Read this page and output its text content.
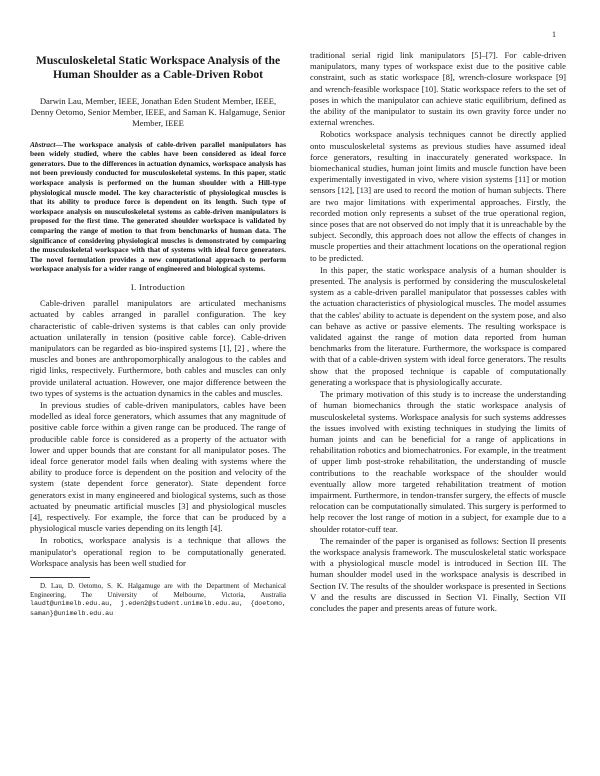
1
Musculoskeletal Static Workspace Analysis of the Human Shoulder as a Cable-Driven Robot
Darwin Lau, Member, IEEE, Jonathan Eden Student Member, IEEE, Denny Oetomo, Senior Member, IEEE, and Saman K. Halgamuge, Senior Member, IEEE
Abstract—The workspace analysis of cable-driven parallel manipulators has been widely studied, where the cables have been considered as ideal force generators. Due to the differences in actuation dynamics, workspace analysis has not been previously conducted for musculoskeletal systems. In this paper, static workspace analysis is performed on the human shoulder with a Hill-type physiological muscle model. The key characteristic of physiological muscles is that its ability to produce force is dependent on its length. Such type of workspace analysis on musculoskeletal systems as cable-driven manipulators is proposed for the first time. The generated shoulder workspace is validated by comparing the range of motion to that from benchmarks of human data. The significance of considering physiological muscles is demonstrated by comparing the musculoskeletal workspace with that of systems with ideal force generators. The novel formulation provides a new computational approach to perform workspace analysis for a wider range of engineered and biological systems.
I. Introduction

Cable-driven parallel manipulators are articulated mechanisms actuated by cables arranged in parallel configuration. The key characteristic of cable-driven systems is that cables can only provide actuation unilaterally in tension (positive cable force). Cable-driven manipulators can be regarded as bio-inspired systems [1], [2] , where the muscles and bones are anthropomorphically analogous to the cables and rigid links, respectively. Furthermore, both cables and muscles can only provide unilateral actuation. However, one major difference between the two types of systems is the actuation dynamics in the cables and muscles.

In previous studies of cable-driven manipulators, cables have been modelled as ideal force generators, which assumes that any magnitude of positive cable force within a given range can be produced. The range of producible cable force is considered as a property of the actuator with lower and upper bounds that are constant for all manipulator poses. The ideal force generator model fails when dealing with systems where the ability to produce force is dependent on the position and velocity of the system (state dependent force generator). State dependent force generators exist in many engineered and biological systems, such as those actuated by pneumatic artificial muscles [3] and physiological muscles [4], respectively. For example, the force that can be produced by a physiological muscle varies depending on its length [4].

In robotics, workspace analysis is a technique that allows the manipulator's operational region to be computationally generated. Workspace analysis has been well studied for

D. Lau, D. Oetomo, S. K. Halgamuge are with the Department of Mechanical Engineering, The University of Melbourne, Victoria, Australia laudt@unimelb.edu.au, j.eden2@student.unimelb.edu.au, {doetomo, saman}@unimelb.edu.au

traditional serial rigid link manipulators [5]–[7]. For cable-driven manipulators, many types of workspace exist due to the positive cable constraint, such as static workspace [8], wrench-closure workspace [9] and wrench-feasible workspace [10]. Static workspace refers to the set of poses in which the manipulator can achieve static equilibrium, defined as the ability of the manipulator to sustain its own gravity force under no external wrenches.

Robotics workspace analysis techniques cannot be directly applied onto musculoskeletal systems as previous studies have assumed ideal force generators, resulting in inaccurately generated workspace. In biomechanical studies, human joint limits and muscle function have been experimentally investigated in vivo, where vision systems [11] or motion sensors [12], [13] are used to record the motion of human subjects. There are two major limitations with experimental approaches. Firstly, the recorded motion only represents a subset of the true operational region, since poses that are not observed do not imply that it is unreachable by the subject. Secondly, this approach does not allow the effects of changes in muscle properties and their attachment locations on the operational region to be predicted.

In this paper, the static workspace analysis of a human shoulder is presented. The analysis is performed by considering the musculoskeletal system as a cable-driven parallel manipulator that possesses cables with the actuation characteristics of physiological muscles. The model assumes that the cables' ability to actuate is dependent on the system pose, and also can behave as active or passive elements. The resulting workspace is validated against the range of motion data reported from human benchmarks from the literature. Furthermore, the workspace is compared with that of a cable-driven system with ideal force generators. The results show that the proposed technique is capable of computationally generating a workspace that is physiologically accurate.

The primary motivation of this study is to increase the understanding of human biomechanics through the static workspace analysis of musculoskeletal systems. Workspace analysis for such systems addresses the issues involved with existing techniques in studying the limits of human joints and can be beneficial for a range of applications in rehabilitation robotics and biomechatronics. For example, in the treatment of upper limb post-stroke rehabilitation, the understanding of muscle contributions to the reachable workspace of the shoulder would eventually allow more targeted rehabilitation treatment of motion impairment. Furthermore, in tendon-transfer surgery, the effects of muscle relocation can be computationally simulated. This surgery is performed to help recover the lost range of motion in a subject, for example due to a shoulder rotator-cuff tear.

The remainder of the paper is organised as follows: Section II presents the workspace analysis framework. The musculoskeletal static workspace with a physiological muscle model is introduced in Section III. The human shoulder model used in the workspace analysis is described in Section IV. The results of the shoulder workspace is presented in Sections V and the results are discussed in Section VI. Finally, Section VII concludes the paper and presents areas of future work.
